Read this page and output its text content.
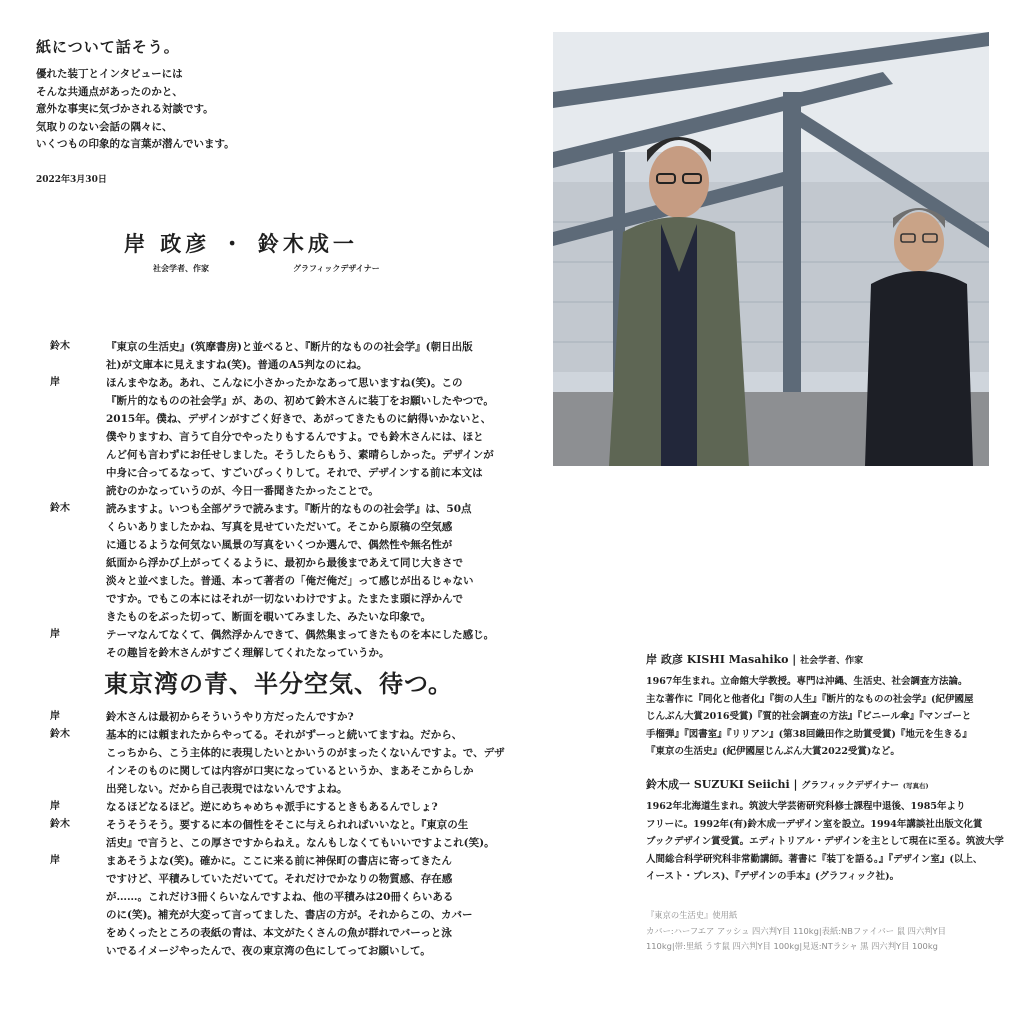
紙について話そう。
優れた装丁とインタビューには
そんな共通点があったのかと、
意外な事実に気づかされる対談です。
気取りのない会話の隅々に、
いくつもの印象的な言葉が潜んでいます。
2022年3月30日
岸 政彦 ・ 鈴木成一
社会学者、作家	グラフィックデザイナー
鈴木	『東京の生活史』(筑摩書房)と並べると、『断片的なものの社会学』(朝日出版
社)が文庫本に見えますね(笑)。普通のA5判なのにね。
岸	ほんまやなあ。あれ、こんなに小さかったかなあって思いますね(笑)。この
『断片的なものの社会学』が、あの、初めて鈴木さんに装丁をお願いしたやつで。
2015年。僕ね、デザインがすごく好きで、あがってきたものに納得いかないと、
僕やりますわ、言うて自分でやったりもするんですよ。でも鈴木さんには、ほと
んど何も言わずにお任せしました。そうしたらもう、素晴らしかった。デザインが
中身に合ってるなって、すごいびっくりして。それで、デザインする前に本文は
読むのかなっていうのが、今日一番聞きたかったことで。
鈴木	読みますよ。いつも全部ゲラで読みます。『断片的なものの社会学』は、50点
くらいありましたかね、写真を見せていただいて。そこから原稿の空気感
に通じるような何気ない風景の写真をいくつか選んで、偶然性や無名性が
紙面から浮かび上がってくるように、最初から最後まであえて同じ大きさで
淡々と並べました。普通、本って著者の「俺だ俺だ」って感じが出るじゃない
ですか。でもこの本にはそれが一切ないわけですよ。たまたま頭に浮かんで
きたものをぶった切って、断面を覗いてみました、みたいな印象で。
岸	テーマなんてなくて、偶然浮かんできて、偶然集まってきたものを本にした感じ。
その趣旨を鈴木さんがすごく理解してくれたなっていうか。
東京湾の青、半分空気、待つ。
岸	鈴木さんは最初からそういうやり方だったんですか?
鈴木	基本的には頼まれたからやってる。それがずーっと続いてますね。だから、
こっちから、こう主体的に表現したいとかいうのがまったくないんですよ。で、デザ
インそのものに関しては内容が口実になっているというか、まあそこからしか
出発しない。だから自己表現ではないんですよね。
岸	なるほどなるほど。逆にめちゃめちゃ派手にするときもあるんでしょ?
鈴木	そうそうそう。要するに本の個性をそこに与えられればいいなと。『東京の生
活史』で言うと、この厚さですからねえ。なんもしなくてもいいですよこれ(笑)。
岸	まあそうよな(笑)。確かに。ここに来る前に神保町の書店に寄ってきたん
ですけど、平積みしていただいてて。それだけでかなりの物質感、存在感
が……。これだけ3冊くらいなんですよね、他の平積みは20冊くらいある
のに(笑)。補充が大変って言ってました、書店の方が。それからこの、カバー
をめくったところの表紙の青は、本文がたくさんの魚が群れでバーっと泳
いでるイメージやったんで、夜の東京湾の色にしてってお願いして。
岸 政彦 KISHI Masahiko | 社会学者、作家
1967年生まれ。立命館大学教授。専門は沖縄、生活史、社会調査方法論。
主な著作に『同化と他者化』『街の人生』『断片的なものの社会学』(紀伊國屋
じんぶん大賞2016受賞)『質的社会調査の方法』『ビニール傘』『マンゴーと
手榴弾』『図書室』『リリアン』(第38回織田作之助賞受賞)『地元を生きる』
『東京の生活史』(紀伊國屋じんぶん大賞2022受賞)など。
鈴木成一 SUZUKI Seiichi | グラフィックデザイナー (写真右)
1962年北海道生まれ。筑波大学芸術研究科修士課程中退後、1985年より
フリーに。1992年(有)鈴木成一デザイン室を設立。1994年講談社出版文化賞
ブックデザイン賞受賞。エディトリアル・デザインを主として現在に至る。筑波大学
人間総合科学研究科非常勤講師。著書に『装丁を語る。』『デザイン室』(以上、
イースト・プレス)、『デザインの手本』(グラフィック社)。
『東京の生活史』使用紙
カバー:ハーフエア アッシュ 四六判Y目 110kg|表紙:NBファイバー 鼠 四六判Y目
110kg|帯:里紙 うす鼠 四六判Y目 100kg|見返:NTラシャ 黒 四六判Y目 100kg
